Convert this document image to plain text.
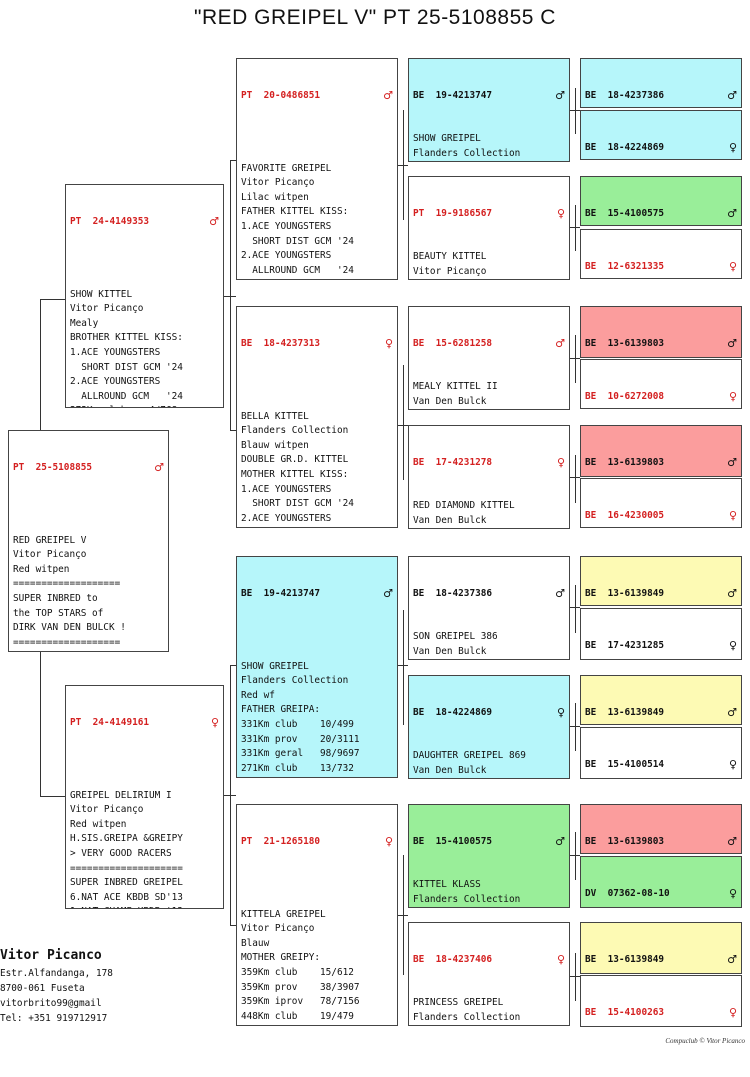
"RED GREIPEL V" PT 25-5108855 C

PT  25-5108855	♂

RED GREIPEL V
Vitor Picanço
Red witpen
===================
SUPER INBRED to
the TOP STARS of
DIRK VAN DEN BULCK !
===================

PT  24-4149353	♂

SHOW KITTEL
Vitor Picanço
Mealy
BROTHER KITTEL KISS:
1.ACE YOUNGSTERS
SHORT DIST GCM '24
2.ACE YOUNGSTERS
ALLROUND GCM   '24

PT  24-4149161	♀

GREIPEL DELIRIUM I
Vitor Picanço
Red witpen
H.SIS.GREIPA &GREIPY
> VERY GOOD RACERS
====================
SUPER INBRED GREIPEL
6.NAT ACE KBDB SD'13

PT  20-0486851	♂

FAVORITE GREIPEL
Vitor Picanço
Lilac witpen
FATHER KITTEL KISS:
1.ACE YOUNGSTERS
SHORT DIST GCM '24
2.ACE YOUNGSTERS
ALLROUND GCM   '24

BE  18-4237313	♀

BELLA KITTEL
Flanders Collection
Blauw witpen
DOUBLE GR.D. KITTEL
MOTHER KITTEL KISS:
1.ACE YOUNGSTERS
SHORT DIST GCM '24
2.ACE YOUNGSTERS

BE  19-4213747	♂

SHOW GREIPEL
Flanders Collection
Red wf
FATHER GREIPA:
331Km club    10/499
331Km prov    20/3111
331Km geral   98/9697
271Km club    13/732

PT  21-1265180	♀

KITTELA GREIPEL
Vitor Picanço
Blauw
MOTHER GREIPY:
359Km club    15/612
359Km prov    38/3907
359Km iprov   78/7156
448Km club    19/479

BE  19-4213747	♂

SHOW GREIPEL
Flanders Collection

PT  19-9186567	♀

BEAUTY KITTEL
Vitor Picanço

BE  15-6281258	♂

MEALY KITTEL II
Van Den Bulck

BE  17-4231278	♀

RED DIAMOND KITTEL
Van Den Bulck

BE  18-4237386	♂

SON GREIPEL 386
Van Den Bulck

BE  18-4224869	♀

DAUGHTER GREIPEL 869
Van Den Bulck

BE  15-4100575	♂

KITTEL KLASS
Flanders Collection

BE  18-4237406	♀

PRINCESS GREIPEL
Flanders Collection

BE  18-4237386	♂

BE  18-4224869	♀

BE  15-4100575	♂

BE  12-6321335	♀

BE  13-6139803	♂

BE  10-6272008	♀

BE  13-6139803	♂

BE  16-4230005	♀

BE  13-6139849	♂

BE  17-4231285	♀

BE  13-6139849	♂

BE  15-4100514	♀

BE  13-6139803	♂

DV  07362-08-10	♀

BE  13-6139849	♂

BE  15-4100263	♀

Vitor Picanco
Estr.Alfandanga, 178
8700-061 Fuseta
vitorbrito99@gmail
Tel: +351 919712917
Compuclub © Vitor Picanco
